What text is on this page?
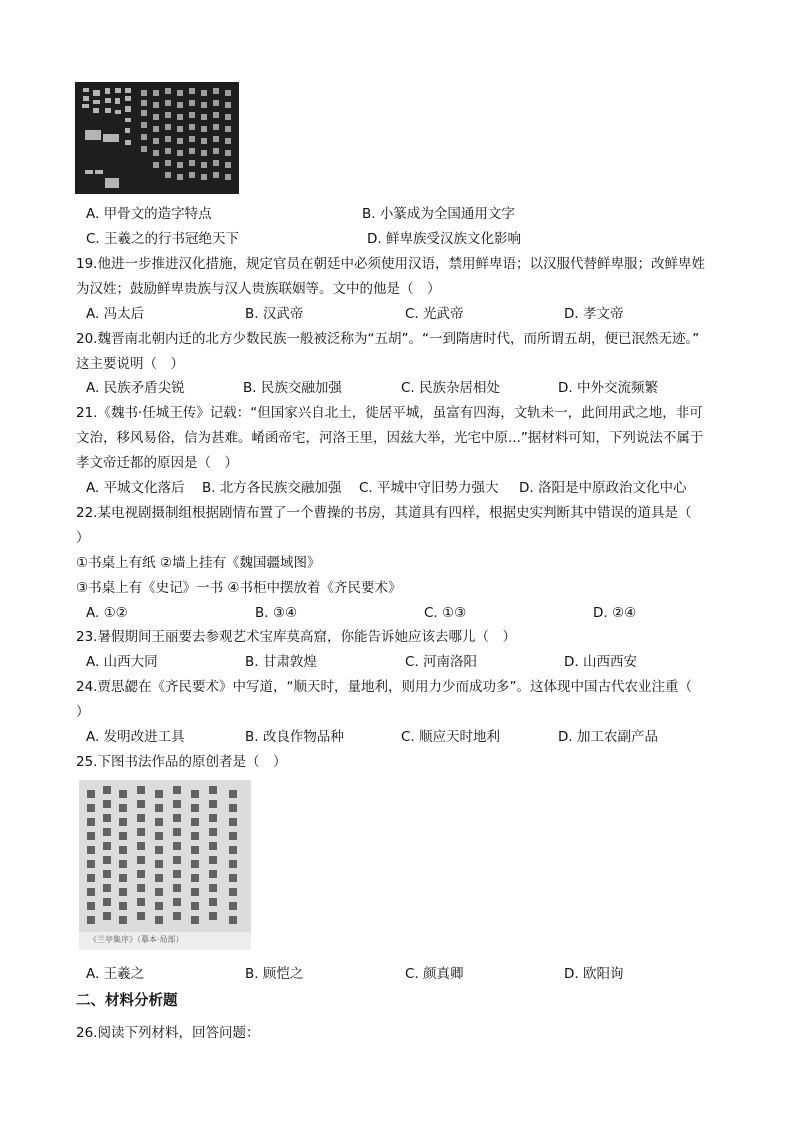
A. 甲骨文的造字特点	B. 小篆成为全国通用文字
C. 王羲之的行书冠绝天下	D. 鲜卑族受汉族文化影响
19.他进一步推进汉化措施，规定官员在朝廷中必须使用汉语，禁用鲜卑语；以汉服代替鲜卑服；改鲜卑姓
为汉姓；鼓励鲜卑贵族与汉人贵族联姻等。文中的他是（　）
A. 冯太后	B. 汉武帝	C. 光武帝	D. 孝文帝
20.魏晋南北朝内迁的北方少数民族一般被泛称为“五胡”。“一到隋唐时代，而所谓五胡，便已泯然无迹。”
这主要说明（　）
A. 民族矛盾尖锐	B. 民族交融加强	C. 民族杂居相处	D. 中外交流频繁
21.《魏书·任城王传》记载：“但国家兴自北土，徙居平城，虽富有四海，文轨未一，此间用武之地，非可
文治，移风易俗，信为甚难。崤函帝宅，河洛王里，因兹大举，光宅中原...”据材料可知，下列说法不属于
孝文帝迁都的原因是（　）
A. 平城文化落后 B. 北方各民族交融加强 C. 平城中守旧势力强大 D. 洛阳是中原政治文化中心
22.某电视剧摄制组根据剧情布置了一个曹操的书房，其道具有四样，根据史实判断其中错误的道具是（
）
①书桌上有纸 ②墙上挂有《魏国疆域图》
③书桌上有《史记》一书 ④书柜中摆放着《齐民要术》
A. ①②	B. ③④	C. ①③	D. ②④
23.暑假期间王丽要去参观艺术宝库莫高窟，你能告诉她应该去哪儿（　）
A. 山西大同	B. 甘肃敦煌	C. 河南洛阳	D. 山西西安
24.贾思勰在《齐民要术》中写道，“顺天时，量地利，则用力少而成功多”。这体现中国古代农业注重（
）
A. 发明改进工具	B. 改良作物品种	C. 顺应天时地利	D. 加工农副产品
25.下图书法作品的原创者是（　）
《兰亭集序》（摹本·局部）
A. 王羲之	B. 顾恺之	C. 颜真卿	D. 欧阳询
二、材料分析题
26.阅读下列材料，回答问题：
